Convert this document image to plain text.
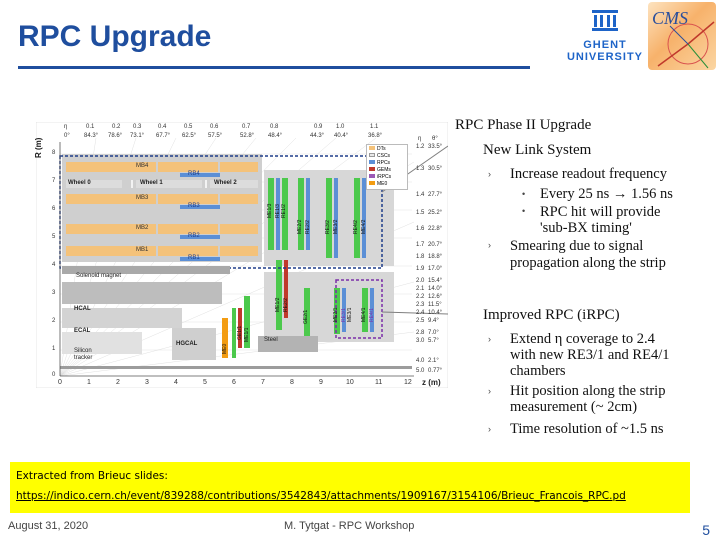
RPC Upgrade	GHENT
UNIVERSITY
CMS
η	0.1	0.2 0.3	0.4	0.5	0.6	0.7	0.8	0.9 1.0	1.1
0° 84.3° 78.6° 73.1° 67.7° 62.5° 57.5°	52.8° 48.4°	44.3° 40.4°	36.8°
R (m) 8
7
6
5
4
3
2
1
0
0	1	2	3	4	5	6	7	8	9	10	11	12 z (m)
η
1.2
1.3
1.4
1.5
1.6
1.7
1.8
1.9
2.0
2.1
2.2
2.3
2.4
2.5
2.8
3.0
4.0
5.0
θ°
33.5°
30.5°
27.7°
25.2°
22.8°
20.7°
18.8°
17.0°
15.4°
14.0°
12.6°
11.5°
10.4°
9.4°
7.0°
5.7°
2.1°
0.77°
DTs
CSCs
RPCs
GEMs
iRPCs
ME0
MB4
RB4
Wheel 0	Wheel 1	Wheel 2
MB3
RB3
MB2
RB2
MB1
RB1
ME1/3 RE1/3 RE1/2
ME2/2 RE2/2	RE3/2 ME3/2	RE4/2 ME4/2
ME1/2 RE2/2
GE2/1	ME2/1 RE3/1	RE4/1
ME3/1 ME4/1
GE1/1 ME1/1
ME0
Solenoid magnet
HCAL
ECAL
Silicon
tracker
HGCAL
Steel
RPC Phase II Upgrade
New Link System
› Increase readout frequency
• Every 25 ns → 1.56 ns
• RPC hit will provide
'sub-BX timing'
› Smearing due to signal
propagation along the strip
Improved RPC (iRPC)
› Extend η coverage to 2.4
with new RE3/1 and RE4/1
chambers
› Hit position along the strip
measurement (~ 2cm)
› Time resolution of ~1.5 ns
Extracted from Brieuc slides:
https://indico.cern.ch/event/839288/contributions/3542843/attachments/1909167/3154106/Brieuc_Francois_RPC.pd
August 31, 2020	M. Tytgat - RPC Workshop	5
